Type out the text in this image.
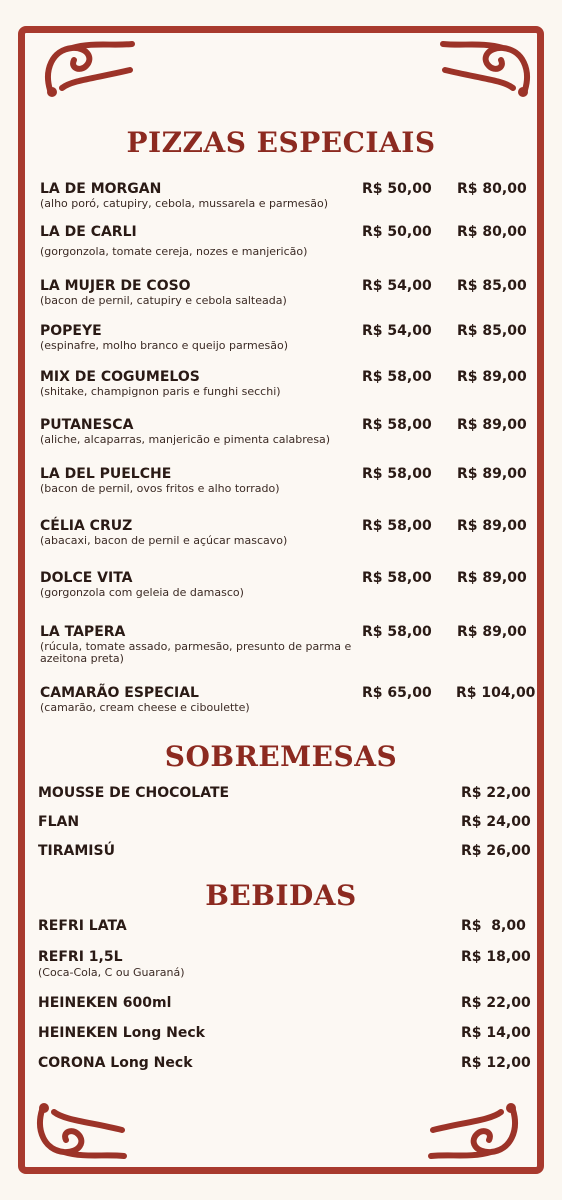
PIZZAS ESPECIAIS
LA DE MORGAN
(alho poró, catupiry, cebola, mussarela e parmesão)
R$ 50,00 R$ 80,00
LA DE CARLI
(gorgonzola, tomate cereja, nozes e manjericão)
R$ 50,00 R$ 80,00
LA MUJER DE COSO
(bacon de pernil, catupiry e cebola salteada)
R$ 54,00 R$ 85,00
POPEYE
(espinafre, molho branco e queijo parmesão)
R$ 54,00 R$ 85,00
MIX DE COGUMELOS
(shitake, champignon paris e funghi secchi)
R$ 58,00 R$ 89,00
PUTANESCA
(aliche, alcaparras, manjericão e pimenta calabresa)
R$ 58,00 R$ 89,00
LA DEL PUELCHE
(bacon de pernil, ovos fritos e alho torrado)
R$ 58,00 R$ 89,00
CÉLIA CRUZ
(abacaxi, bacon de pernil e açúcar mascavo)
R$ 58,00 R$ 89,00
DOLCE VITA
(gorgonzola com geleia de damasco)
R$ 58,00 R$ 89,00
LA TAPERA
(rúcula, tomate assado, parmesão, presunto de parma e azeitona preta)
R$ 58,00 R$ 89,00
CAMARÃO ESPECIAL
(camarão, cream cheese e ciboulette)
R$ 65,00 R$ 104,00
SOBREMESAS
MOUSSE DE CHOCOLATE	R$ 22,00
FLAN	R$ 24,00
TIRAMISÚ	R$ 26,00
BEBIDAS
REFRI LATA	R$  8,00
REFRI 1,5L
(Coca-Cola, C ou Guaraná)
R$ 18,00
HEINEKEN 600ml	R$ 22,00
HEINEKEN Long Neck	R$ 14,00
CORONA Long Neck	R$ 12,00
